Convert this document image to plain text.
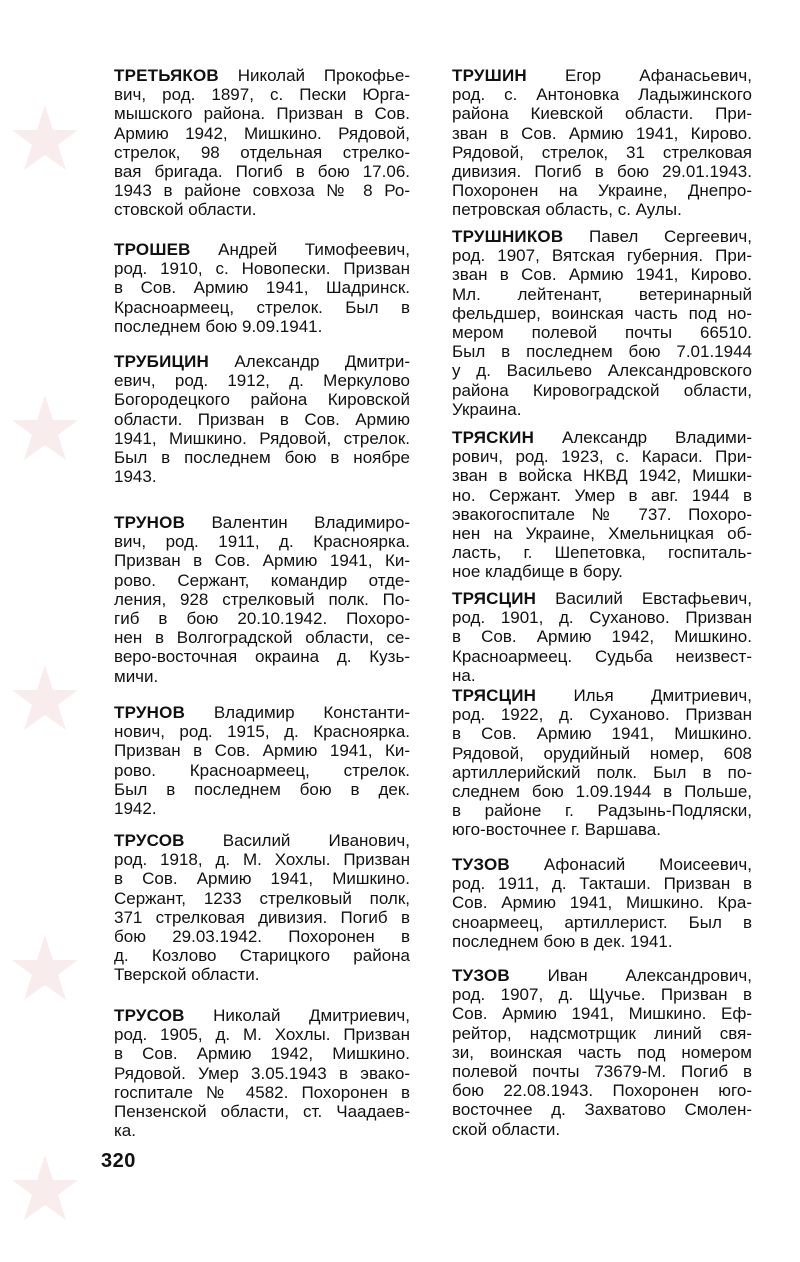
ТРЕТЬЯКОВ Николай Прокофье-
вич, род. 1897, с. Пески Юрга-
мышского района. Призван в Сов.
Армию 1942, Мишкино. Рядовой,
стрелок, 98 отдельная стрелко-
вая бригада. Погиб в бою 17.06.
1943 в районе совхоза № 8 Ро-
стовской области.
ТРОШЕВ Андрей Тимофеевич,
род. 1910, с. Новопески. Призван
в Сов. Армию 1941, Шадринск.
Красноармеец, стрелок. Был в
последнем бою 9.09.1941.
ТРУБИЦИН Александр Дмитри-
евич, род. 1912, д. Меркулово
Богородецкого района Кировской
области. Призван в Сов. Армию
1941, Мишкино. Рядовой, стрелок.
Был в последнем бою в ноябре
1943.
ТРУНОВ Валентин Владимиро-
вич, род. 1911, д. Красноярка.
Призван в Сов. Армию 1941, Ки-
рово. Сержант, командир отде-
ления, 928 стрелковый полк. По-
гиб в бою 20.10.1942. Похоро-
нен в Волгоградской области, се-
веро-восточная окраина д. Кузь-
мичи.
ТРУНОВ Владимир Константи-
нович, род. 1915, д. Красноярка.
Призван в Сов. Армию 1941, Ки-
рово. Красноармеец, стрелок.
Был в последнем бою в дек.
1942.
ТРУСОВ Василий Иванович,
род. 1918, д. М. Хохлы. Призван
в Сов. Армию 1941, Мишкино.
Сержант, 1233 стрелковый полк,
371 стрелковая дивизия. Погиб в
бою 29.03.1942. Похоронен в
д. Козлово Старицкого района
Тверской области.
ТРУСОВ Николай Дмитриевич,
род. 1905, д. М. Хохлы. Призван
в Сов. Армию 1942, Мишкино.
Рядовой. Умер 3.05.1943 в эвако-
госпитале № 4582. Похоронен в
Пензенской области, ст. Чаадаев-
ка.
ТРУШИН Егор Афанасьевич,
род. с. Антоновка Ладыжинского
района Киевской области. При-
зван в Сов. Армию 1941, Кирово.
Рядовой, стрелок, 31 стрелковая
дивизия. Погиб в бою 29.01.1943.
Похоронен на Украине, Днепро-
петровская область, с. Аулы.
ТРУШНИКОВ Павел Сергеевич,
род. 1907, Вятская губерния. При-
зван в Сов. Армию 1941, Кирово.
Мл. лейтенант, ветеринарный
фельдшер, воинская часть под но-
мером полевой почты 66510.
Был в последнем бою 7.01.1944
у д. Васильево Александровского
района Кировоградской области,
Украина.
ТРЯСКИН Александр Владими-
рович, род. 1923, с. Караси. При-
зван в войска НКВД 1942, Мишки-
но. Сержант. Умер в авг. 1944 в
эвакогоспитале № 737. Похоро-
нен на Украине, Хмельницкая об-
ласть, г. Шепетовка, госпиталь-
ное кладбище в бору.
ТРЯСЦИН Василий Евстафьевич,
род. 1901, д. Суханово. Призван
в Сов. Армию 1942, Мишкино.
Красноармеец. Судьба неизвест-
на.
ТРЯСЦИН Илья Дмитриевич,
род. 1922, д. Суханово. Призван
в Сов. Армию 1941, Мишкино.
Рядовой, орудийный номер, 608
артиллерийский полк. Был в по-
следнем бою 1.09.1944 в Польше,
в районе г. Радзынь-Подляски,
юго-восточнее г. Варшава.
ТУЗОВ Афонасий Моисеевич,
род. 1911, д. Такташи. Призван в
Сов. Армию 1941, Мишкино. Кра-
сноармеец, артиллерист. Был в
последнем бою в дек. 1941.
ТУЗОВ Иван Александрович,
род. 1907, д. Щучье. Призван в
Сов. Армию 1941, Мишкино. Еф-
рейтор, надсмотрщик линий свя-
зи, воинская часть под номером
полевой почты 73679-М. Погиб в
бою 22.08.1943. Похоронен юго-
восточнее д. Захватово Смолен-
ской области.
320
